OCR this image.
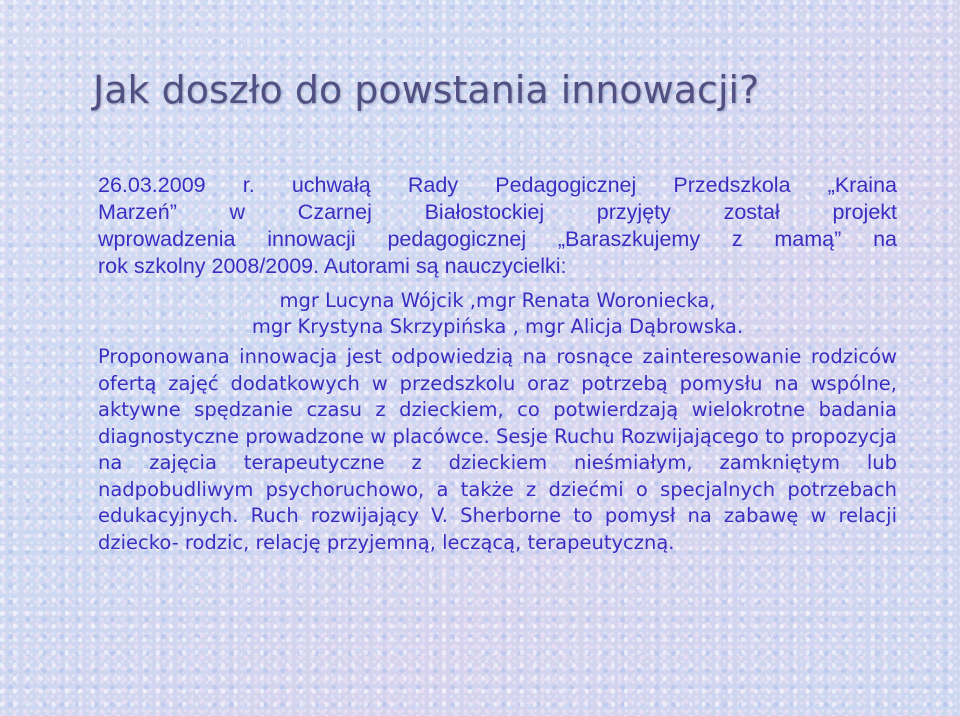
Jak doszło do powstania innowacji?
26.03.2009 r. uchwałą Rady Pedagogicznej Przedszkola „Kraina
Marzeń” w Czarnej Białostockiej przyjęty został projekt
wprowadzenia innowacji pedagogicznej „Baraszkujemy z mamą” na
rok szkolny 2008/2009. Autorami są nauczycielki:
mgr Lucyna Wójcik ,mgr Renata Woroniecka,
mgr Krystyna Skrzypińska , mgr Alicja Dąbrowska.

Proponowana innowacja jest odpowiedzią na rosnące zainteresowanie rodziców ofertą zajęć dodatkowych w przedszkolu oraz potrzebą pomysłu na wspólne, aktywne spędzanie czasu z dzieckiem, co potwierdzają wielokrotne badania diagnostyczne prowadzone w placówce. Sesje Ruchu Rozwijającego to propozycja na zajęcia terapeutyczne z dzieckiem nieśmiałym, zamkniętym lub nadpobudliwym psychoruchowo, a także z dziećmi o specjalnych potrzebach edukacyjnych. Ruch rozwijający V. Sherborne to pomysł na zabawę w relacji dziecko- rodzic, relację przyjemną, leczącą, terapeutyczną.
